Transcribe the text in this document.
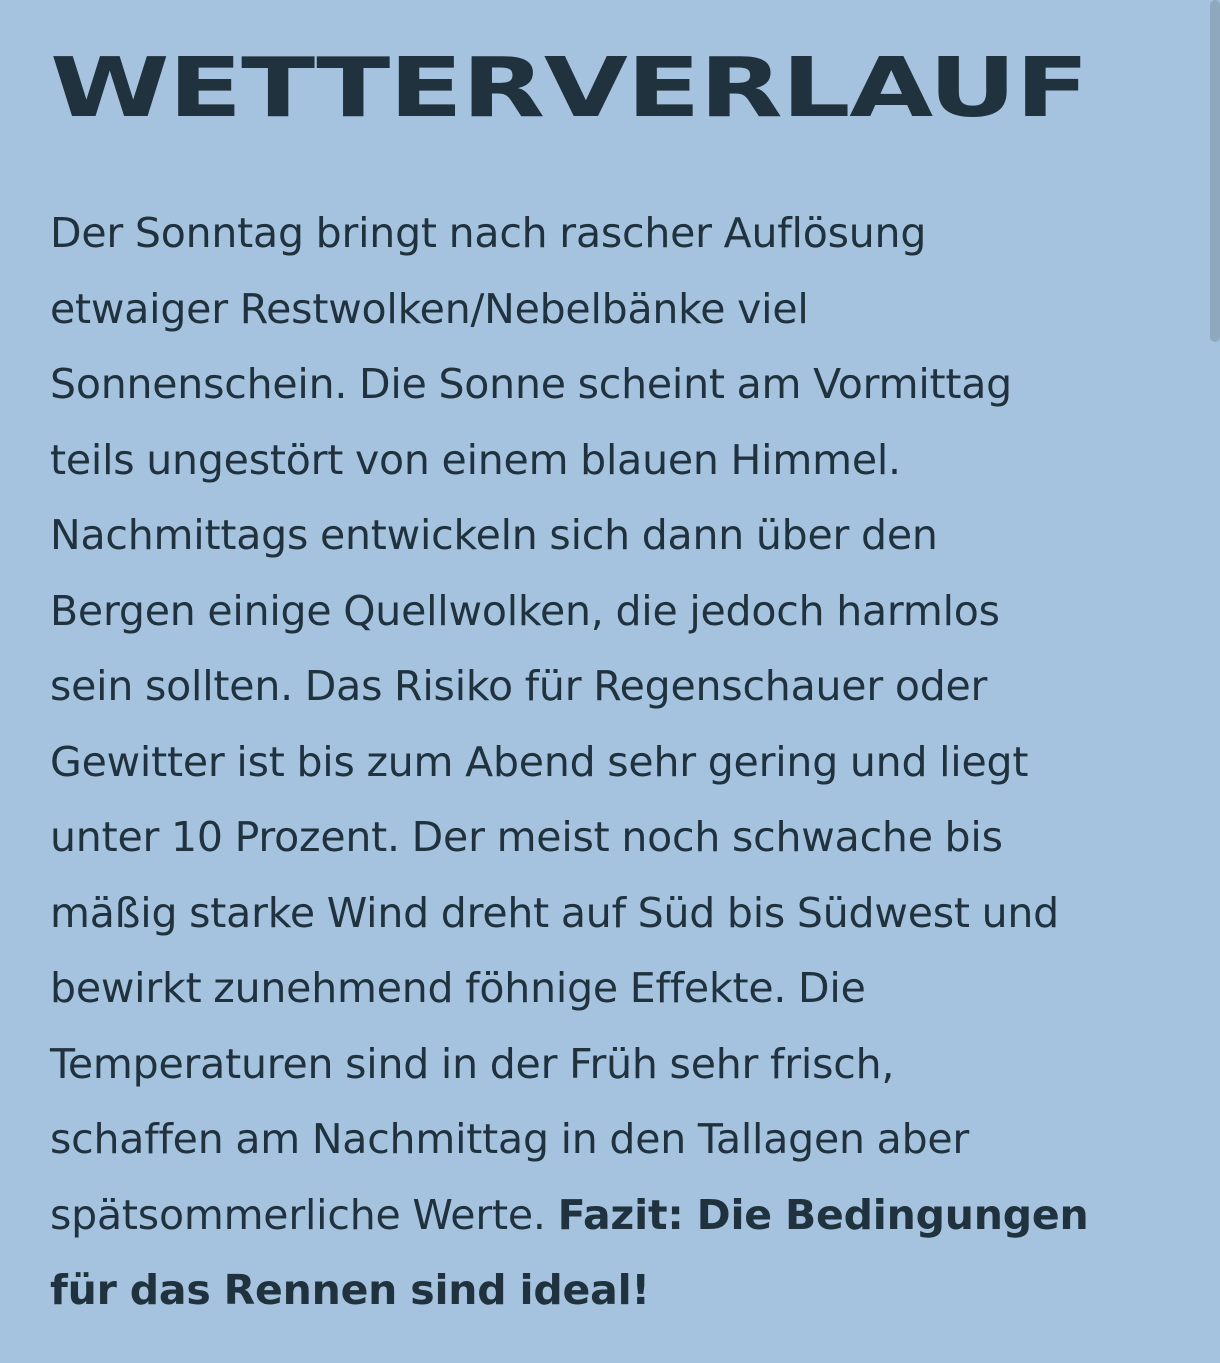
WETTERVERLAUF

Der Sonntag bringt nach rascher Auflösung
etwaiger Restwolken/Nebelbänke viel
Sonnenschein. Die Sonne scheint am Vormittag
teils ungestört von einem blauen Himmel.
Nachmittags entwickeln sich dann über den
Bergen einige Quellwolken, die jedoch harmlos
sein sollten. Das Risiko für Regenschauer oder
Gewitter ist bis zum Abend sehr gering und liegt
unter 10 Prozent. Der meist noch schwache bis
mäßig starke Wind dreht auf Süd bis Südwest und
bewirkt zunehmend föhnige Effekte. Die
Temperaturen sind in der Früh sehr frisch,
schaffen am Nachmittag in den Tallagen aber
spätsommerliche Werte. Fazit: Die Bedingungen
für das Rennen sind ideal!
